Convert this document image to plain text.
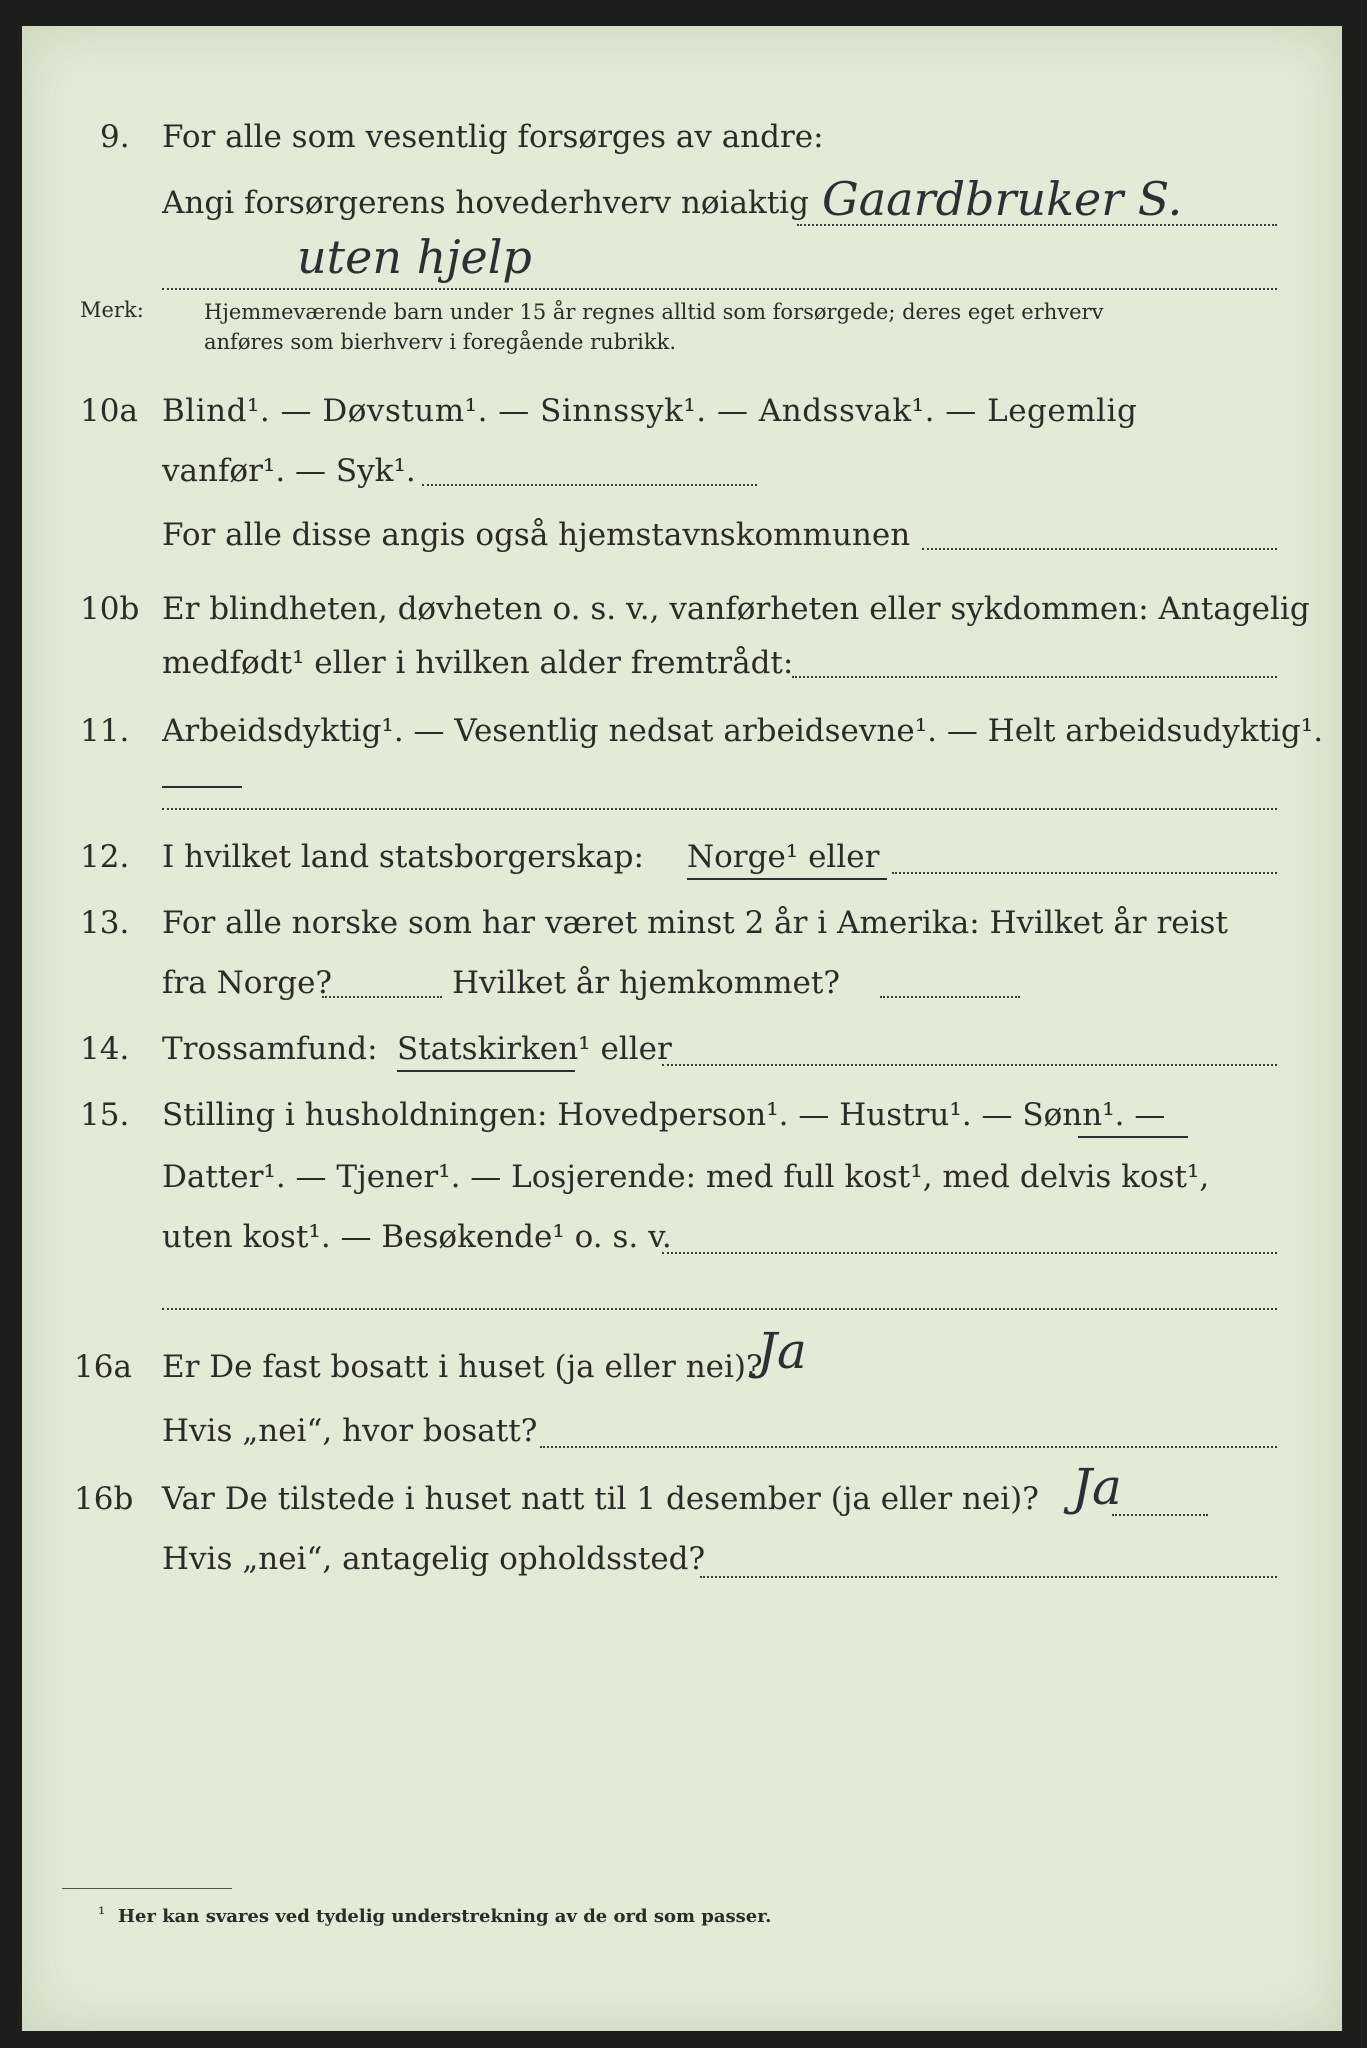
9. For alle som vesentlig forsørges av andre:
Angi forsørgerens hovederhverv nøiaktig Gaardbruker S.
uten hjelp
Merk:	Hjemmeværende barn under 15 år regnes alltid som forsørgede; deres eget erhverv
anføres som bierhverv i foregående rubrikk.
10a Blind¹. — Døvstum¹. — Sinnssyk¹. — Andssvak¹. — Legemlig
vanfør¹. — Syk¹.
For alle disse angis også hjemstavnskommunen
10b Er blindheten, døvheten o. s. v., vanførheten eller sykdommen: Antagelig
medfødt¹ eller i hvilken alder fremtrådt:
11. Arbeidsdyktig¹. — Vesentlig nedsat arbeidsevne¹. — Helt arbeidsudyktig¹.
12. I hvilket land statsborgerskap: Norge¹ eller
13. For alle norske som har været minst 2 år i Amerika: Hvilket år reist
fra Norge?	Hvilket år hjemkommet?
14. Trossamfund: Statskirken¹ eller
15. Stilling i husholdningen: Hovedperson¹. — Hustru¹. — Sønn¹. —
Datter¹. — Tjener¹. — Losjerende: med full kost¹, med delvis kost¹,
uten kost¹. — Besøkende¹ o. s. v.
16a Er De fast bosatt i huset (ja eller nei)?
Ja
Hvis „nei“, hvor bosatt?
16b Var De tilstede i huset natt til 1 desember (ja eller nei)? Ja
Hvis „nei“, antagelig opholdssted?
¹ Her kan svares ved tydelig understrekning av de ord som passer.
